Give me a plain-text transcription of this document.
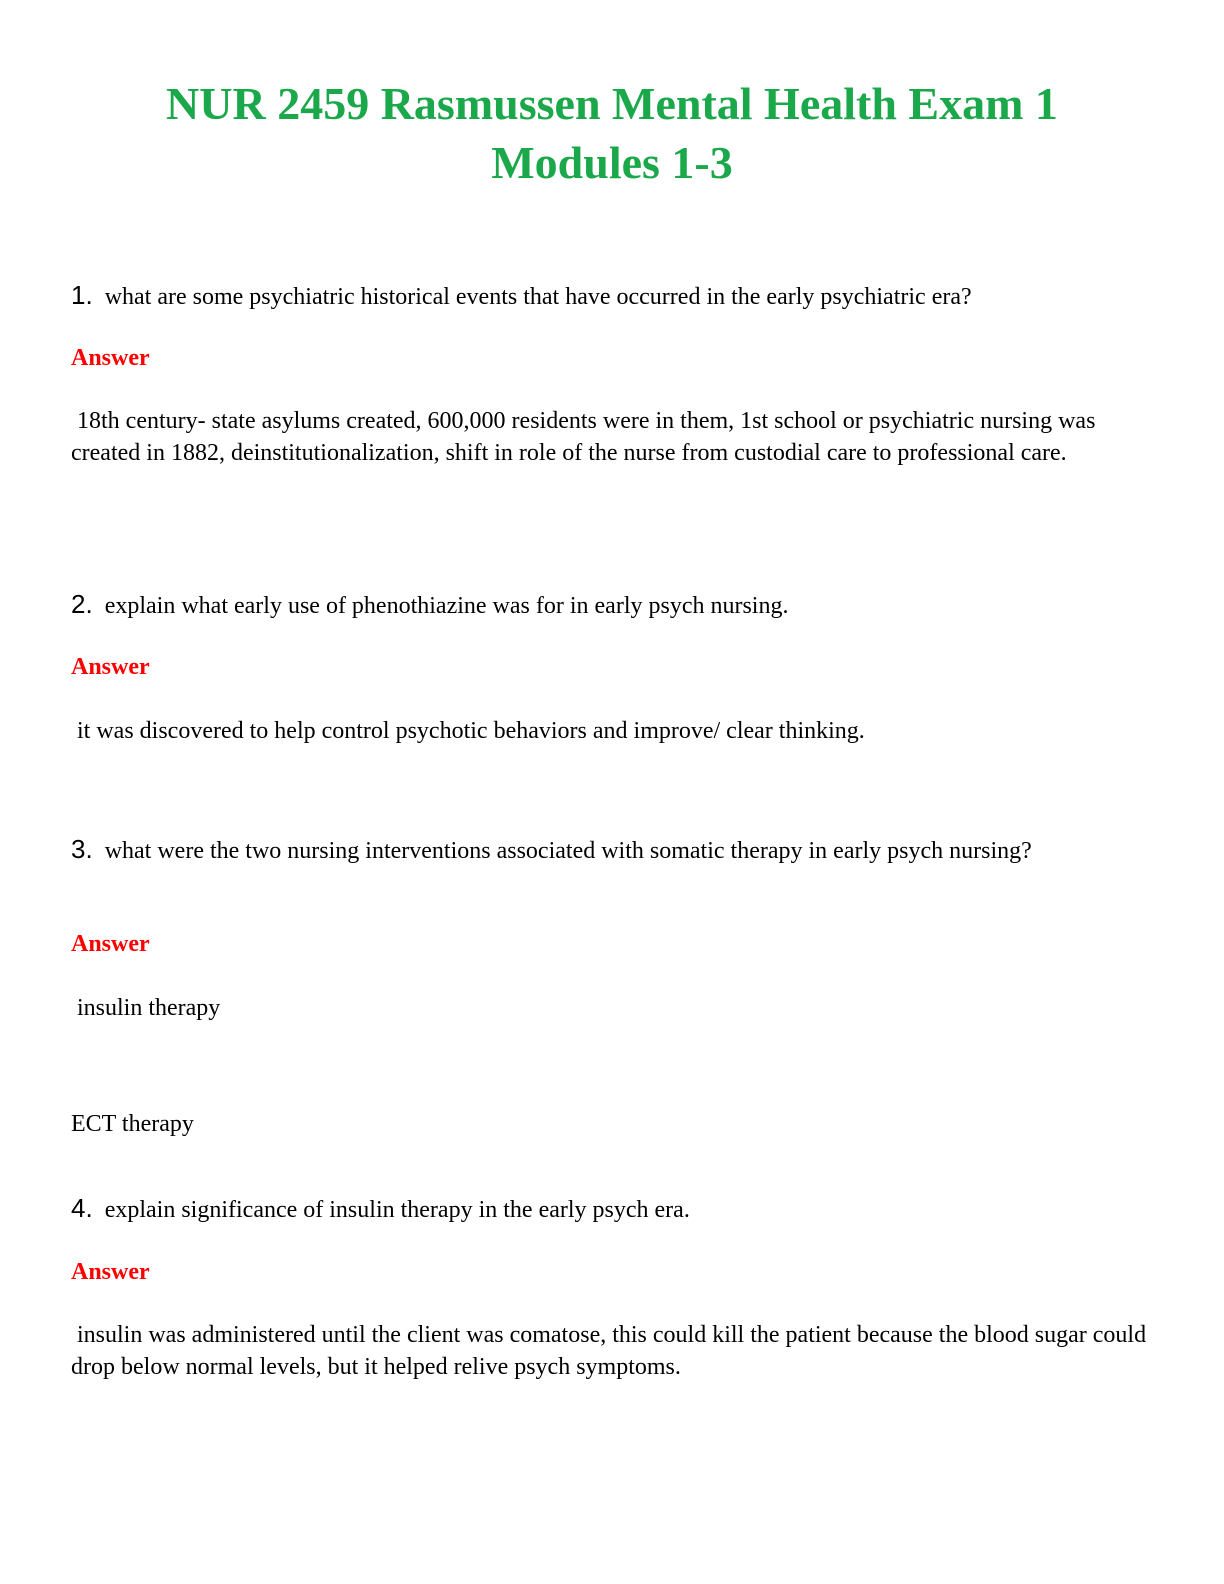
NUR 2459 Rasmussen Mental Health Exam 1
Modules 1-3

1. what are some psychiatric historical events that have occurred in the early psychiatric era?

Answer

18th century- state asylums created, 600,000 residents were in them, 1st school or psychiatric nursing was created in 1882, deinstitutionalization, shift in role of the nurse from custodial care to professional care.

2. explain what early use of phenothiazine was for in early psych nursing.

Answer

it was discovered to help control psychotic behaviors and improve/ clear thinking.

3. what were the two nursing interventions associated with somatic therapy in early psych nursing?

Answer

insulin therapy

ECT therapy

4. explain significance of insulin therapy in the early psych era.

Answer

insulin was administered until the client was comatose, this could kill the patient because the blood sugar could drop below normal levels, but it helped relive psych symptoms.
